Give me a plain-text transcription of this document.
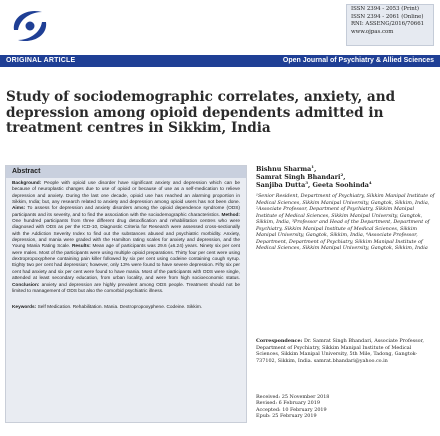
ISSN 2394 - 2053 (Print)
ISSN 2394 - 2061 (Online)
RNI: ASSENG/2016/70661
www.ojpas.com
ORIGINAL ARTICLE	Open Journal of Psychiatry & Allied Sciences
Study of sociodemographic correlates, anxiety, and depression among opioid dependents admitted in treatment centres in Sikkim, India
Abstract
Background: People with opioid use disorder have significant anxiety and depression which can be because of neuroplastic changes due to use of opioid or because of use as a self-medication to relieve depression and anxiety. During the last one decade, opioid use has reached an alarming proportion in Sikkim, India; but, any research related to anxiety and depression among opioid users has not been done. Aims: To assess for depression and anxiety disorders among the opioid dependence syndrome (ODS) participants and its severity, and to find the association with the sociodemographic characteristics. Method: One hundred participants from three different drug detoxification and rehabilitation centres who were diagnosed with ODS as per the ICD-10, Diagnostic Criteria for Research were assessed cross-sectionally with the Addiction Severity Index to find out the substances abused and psychiatric morbidity. Anxiety, depression, and mania were graded with the Hamilton rating scales for anxiety and depression, and the Young Mania Rating Scale. Results: Mean age of participants was 29.6 (±6.24) years. Ninety six per cent were males. Most of the participants were using multiple opioid preparations. Thirty four per cent were using dextropropoxyphene containing pain killer followed by six per cent using codeine containing cough syrup. Eighty two per cent had depression; however, only 13% were found to have severe depression. Fifty six per cent had anxiety and six per cent were found to have mania. Most of the participants with ODS were single, attended at least secondary education, from urban locality, and were from high socioeconomic status. Conclusion: anxiety and depression are highly prevalent among ODS people. Treatment should not be limited to management of ODS but also the comorbid psychiatric illness.
Keywords: Self Medication. Rehabilitation. Mania. Dextropropoxyphene. Codeine. Sikkim.
Bishnu Sharma$^1$,
Samrat Singh Bhandari$^2$,
Sanjiba Dutta$^3$, Geeta Soohinda$^4$
¹Senior Resident, Department of Psychiatry, Sikkim Manipal Institute of Medical Sciences, Sikkim Manipal University, Gangtok, Sikkim, India, ²Associate Professor, Department of Psychiatry, Sikkim Manipal Institute of Medical Sciences, Sikkim Manipal University, Gangtok, Sikkim, India, ³Professor and Head of the Department, Department of Psychiatry, Sikkim Manipal Institute of Medical Sciences, Sikkim Manipal University, Gangtok, Sikkim, India, ⁴Associate Professor, Department, Department of Psychiatry, Sikkim Manipal Institute of Medical Sciences, Sikkim Manipal University, Gangtok, Sikkim, India
Correspondence: Dr. Samrat Singh Bhandari, Associate Professor, Department of Psychiatry, Sikkim Manipal Institute of Medical Sciences, Sikkim Manipal University, 5th Mile, Tadong, Gangtok-737102, Sikkim, India. samrat.bhandari@yahoo.co.in
Received: 25 November 2018
Revised: 6 February 2019
Accepted: 10 February 2019
Epub: 25 February 2019
